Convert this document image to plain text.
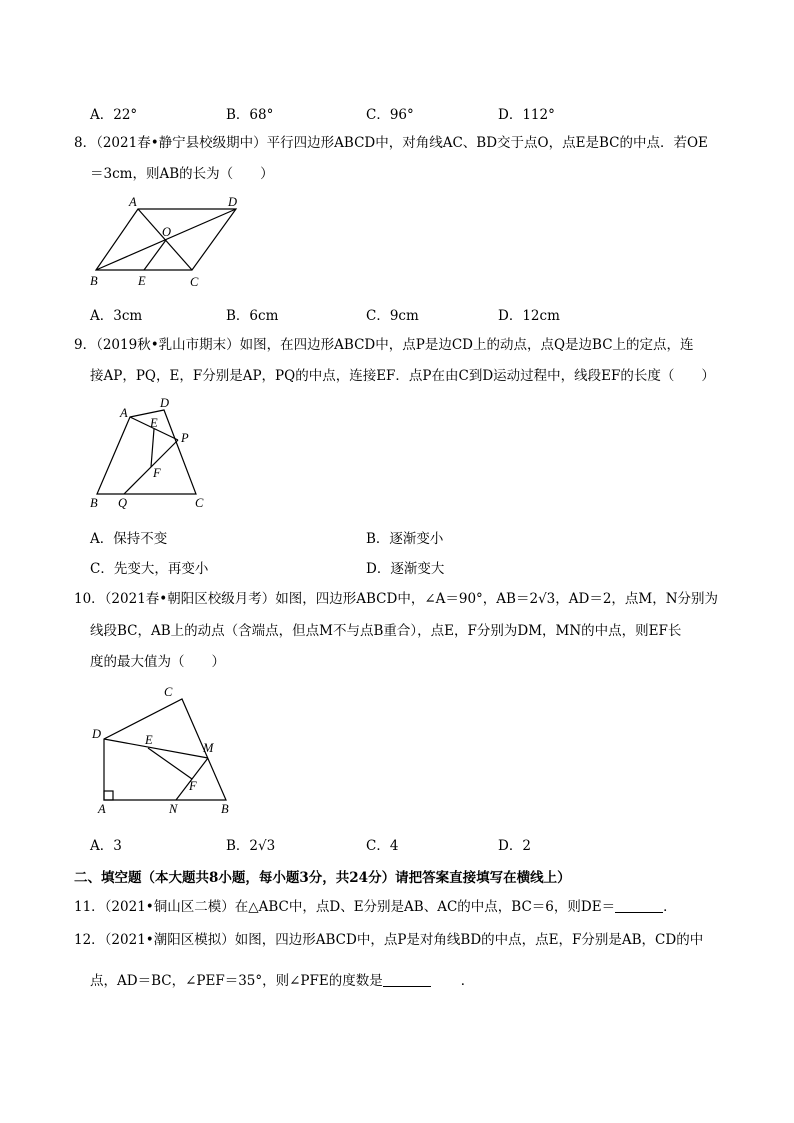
A．22°	B．68°	C．96°	D．112°
8．（2021春•静宁县校级期中）平行四边形ABCD中，对角线AC、BD交于点O，点E是BC的中点．若OE
＝3cm，则AB的长为（　　）
A	D
O
B	E	C
A．3cm	B．6cm	C．9cm	D．12cm
9．（2019秋•乳山市期末）如图，在四边形ABCD中，点P是边CD上的动点，点Q是边BC上的定点，连
接AP，PQ，E，F分别是AP，PQ的中点，连接EF．点P在由C到D运动过程中，线段EF的长度（　　）
A
D
E
P
F
B Q	C
A．保持不变	B．逐渐变小
C．先变大，再变小	D．逐渐变大
10．（2021春•朝阳区校级月考）如图，四边形ABCD中，∠A＝90°，AB＝2√3，AD＝2，点M，N分别为
线段BC，AB上的动点（含端点，但点M不与点B重合），点E，F分别为DM，MN的中点，则EF长
度的最大值为（　　）
C
D	E
M
F
A	N	B
A．3	B．2√3	C．4	D．2
二、填空题（本大题共8小题，每小题3分，共24分）请把答案直接填写在横线上）
11．（2021•铜山区二模）在△ABC中，点D、E分别是AB、AC的中点，BC＝6，则DE＝	．
12．（2021•潮阳区模拟）如图，四边形ABCD中，点P是对角线BD的中点，点E，F分别是AB，CD的中
点，AD＝BC，∠PEF＝35°，则∠PFE的度数是	．
